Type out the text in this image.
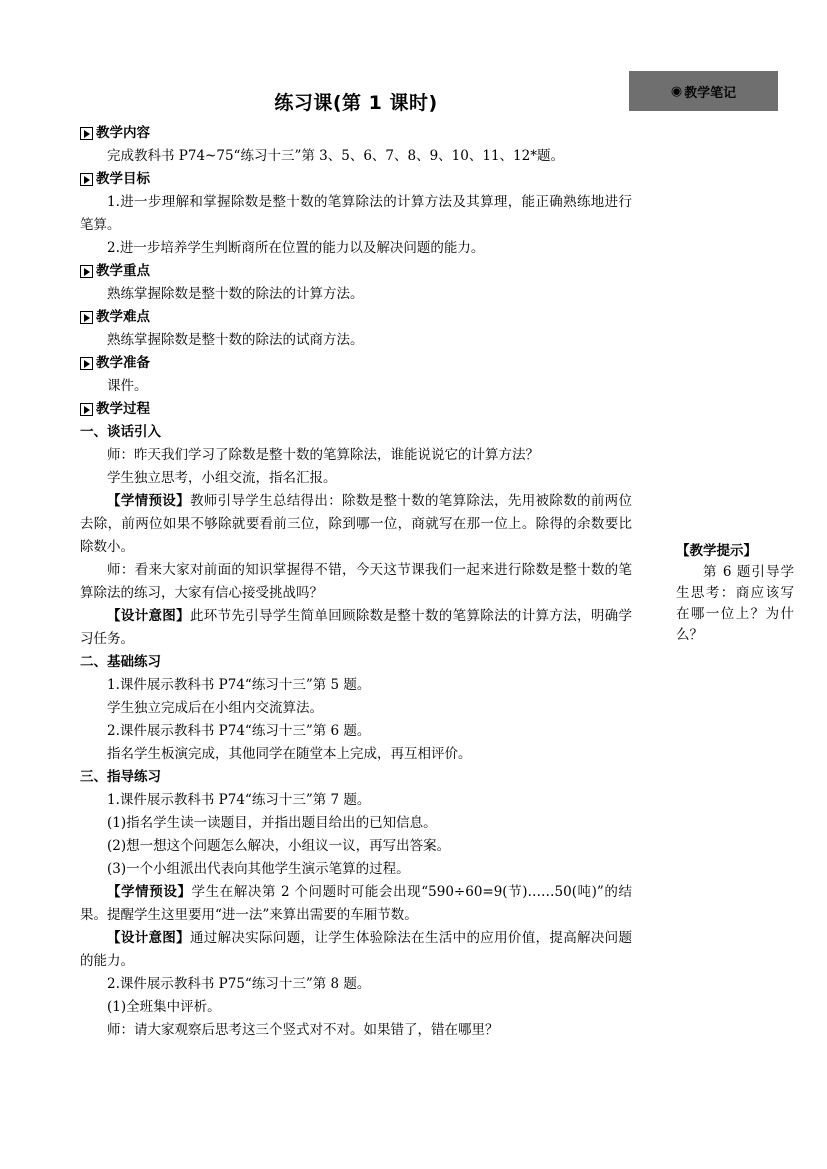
◉ 教学笔记
练习课(第 1 课时)
教学内容
完成教科书 P74~75“练习十三”第 3、5、6、7、8、9、10、11、12*题。
教学目标
1.进一步理解和掌握除数是整十数的笔算除法的计算方法及其算理，能正确熟练地进行笔算。
2.进一步培养学生判断商所在位置的能力以及解决问题的能力。
教学重点
熟练掌握除数是整十数的除法的计算方法。
教学难点
熟练掌握除数是整十数的除法的试商方法。
教学准备
课件。
教学过程
一、谈话引入
师：昨天我们学习了除数是整十数的笔算除法，谁能说说它的计算方法？
学生独立思考，小组交流，指名汇报。
【学情预设】教师引导学生总结得出：除数是整十数的笔算除法，先用被除数的前两位去除，前两位如果不够除就要看前三位，除到哪一位，商就写在那一位上。除得的余数要比除数小。
师：看来大家对前面的知识掌握得不错，今天这节课我们一起来进行除数是整十数的笔算除法的练习，大家有信心接受挑战吗？
【设计意图】此环节先引导学生简单回顾除数是整十数的笔算除法的计算方法，明确学习任务。
二、基础练习
1.课件展示教科书 P74“练习十三”第 5 题。
学生独立完成后在小组内交流算法。
2.课件展示教科书 P74“练习十三”第 6 题。
指名学生板演完成，其他同学在随堂本上完成，再互相评价。
三、指导练习
1.课件展示教科书 P74“练习十三”第 7 题。
(1)指名学生读一读题目，并指出题目给出的已知信息。
(2)想一想这个问题怎么解决，小组议一议，再写出答案。
(3)一个小组派出代表向其他学生演示笔算的过程。
【学情预设】学生在解决第 2 个问题时可能会出现“590÷60=9(节)……50(吨)”的结果。提醒学生这里要用“进一法”来算出需要的车厢节数。
【设计意图】通过解决实际问题，让学生体验除法在生活中的应用价值，提高解决问题的能力。
2.课件展示教科书 P75“练习十三”第 8 题。
(1)全班集中评析。
师：请大家观察后思考这三个竖式对不对。如果错了，错在哪里？
【教学提示】
第 6 题引导学生思考：商应该写在哪一位上？为什么？
